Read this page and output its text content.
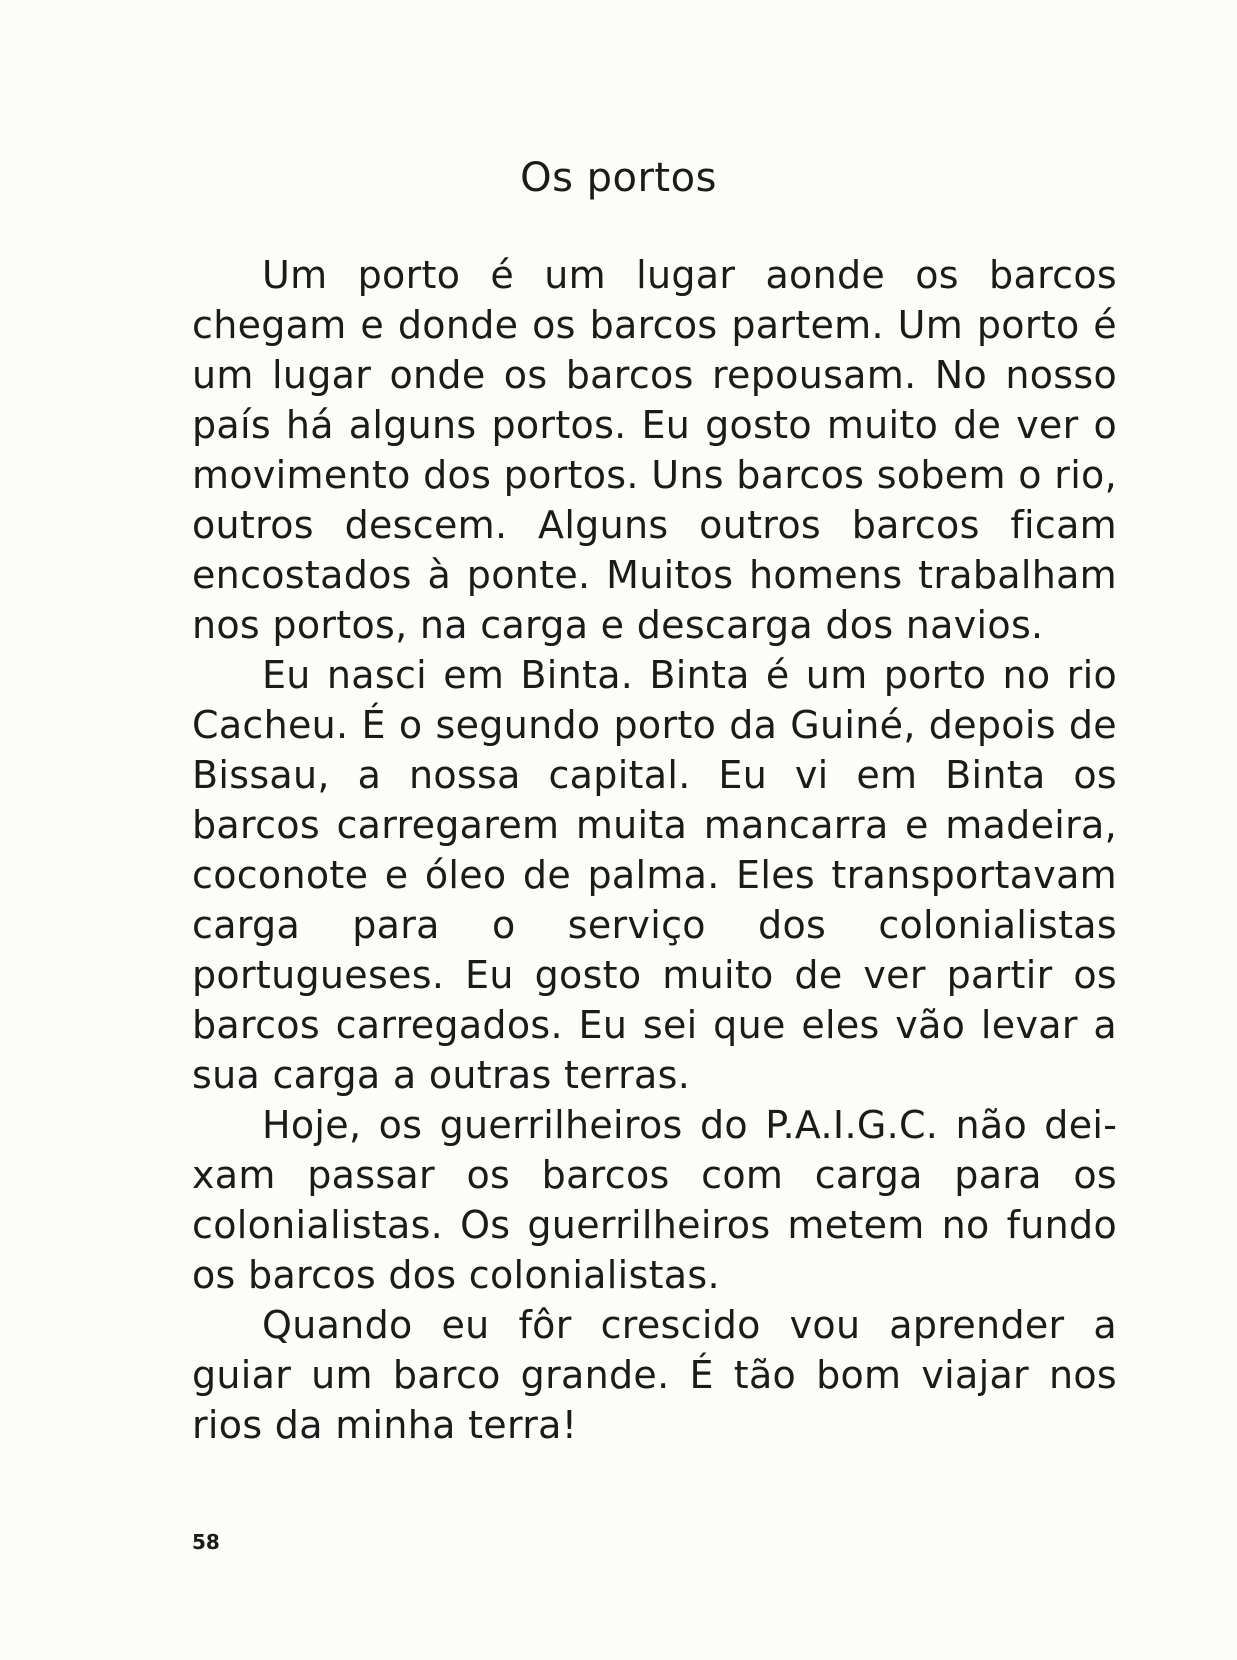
Os portos

Um porto é um lugar aonde os barcos chegam e donde os barcos partem. Um porto é um lugar onde os barcos repousam. No nosso país há alguns portos. Eu gosto muito de ver o movimento dos portos. Uns barcos sobem o rio, outros descem. Alguns outros barcos ficam encostados à ponte. Muitos homens trabalham nos portos, na carga e descarga dos navios.

Eu nasci em Binta. Binta é um porto no rio Cacheu. É o segundo porto da Guiné, depois de Bissau, a nossa capital. Eu vi em Binta os barcos carregarem muita mancarra e madeira, coconote e óleo de palma. Eles transportavam carga para o serviço dos colonialistas portugueses. Eu gosto muito de ver partir os barcos carregados. Eu sei que eles vão levar a sua carga a outras terras.

Hoje, os guerrilheiros do P.A.I.G.C. não deixam passar os barcos com carga para os colonialistas. Os guerrilheiros metem no fundo os barcos dos colonialistas.

Quando eu fôr crescido vou aprender a guiar um barco grande. É tão bom viajar nos rios da minha terra!

58
